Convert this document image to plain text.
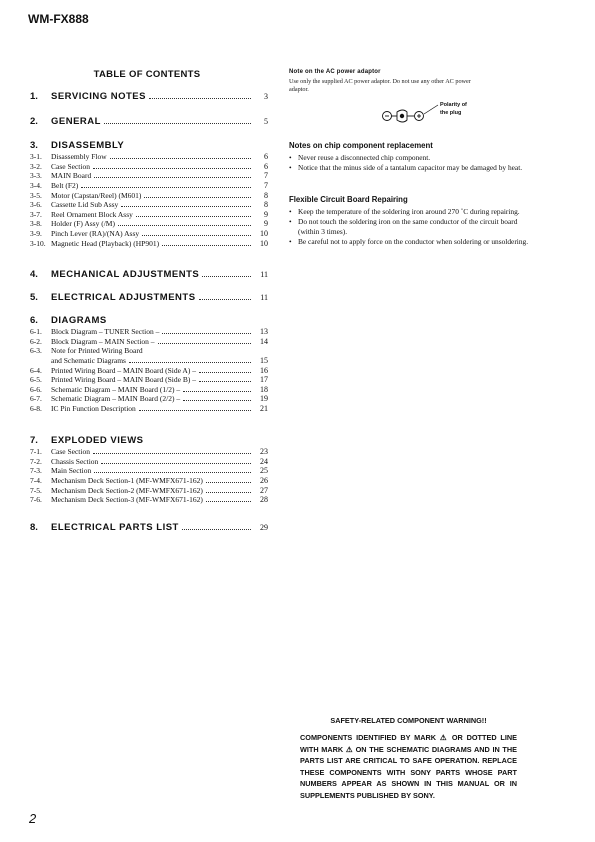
WM-FX888
TABLE OF CONTENTS
1.	SERVICING NOTES	3
2.	GENERAL	5
3.	DISASSEMBLY
3-1.	Disassembly Flow	6
3-2.	Case Section	6
3-3.	MAIN Board	7
3-4.	Belt (F2)	7
3-5.	Motor (Capstan/Reel) (M601)	8
3-6.	Cassette Lid Sub Assy	8
3-7.	Reel Ornament Block Assy	9
3-8.	Holder (F) Assy (/M)	9
3-9.	Pinch Lever (RA)/(NA) Assy	10
3-10. Magnetic Head (Playback) (HP901)	10
4.	MECHANICAL ADJUSTMENTS	11
5.	ELECTRICAL ADJUSTMENTS	11
6.	DIAGRAMS
6-1.	Block Diagram – TUNER Section –	13
6-2.	Block Diagram – MAIN Section –	14
6-3.	Note for Printed Wiring Board
and Schematic Diagrams	15
6-4.	Printed Wiring Board – MAIN Board (Side A) –	16
6-5.	Printed Wiring Board – MAIN Board (Side B) –	17
6-6.	Schematic Diagram – MAIN Board (1/2) –	18
6-7.	Schematic Diagram – MAIN Board (2/2) –	19
6-8.	IC Pin Function Description	21
7.	EXPLODED VIEWS
7-1.	Case Section	23
7-2.	Chassis Section	24
7-3.	Main Section	25
7-4.	Mechanism Deck Section-1 (MF-WMFX671-162)	26
7-5.	Mechanism Deck Section-2 (MF-WMFX671-162)	27
7-6.	Mechanism Deck Section-3 (MF-WMFX671-162)	28
8.	ELECTRICAL PARTS LIST	29
Note on the AC power adaptor
Use only the supplied AC power adaptor. Do not use any other AC power adaptor.
Polarity of
the plug
Notes on chip component replacement
• Never reuse a disconnected chip component.
• Notice that the minus side of a tantalum capacitor may be damaged by heat.
Flexible Circuit Board Repairing
• Keep the temperature of the soldering iron around 270 ˚C during repairing.
• Do not touch the soldering iron on the same conductor of the circuit board (within 3 times).
• Be careful not to apply force on the conductor when soldering or unsoldering.
SAFETY-RELATED COMPONENT WARNING!!
COMPONENTS IDENTIFIED BY MARK ⚠ OR DOTTED LINE WITH MARK ⚠ ON THE SCHEMATIC DIAGRAMS AND IN THE PARTS LIST ARE CRITICAL TO SAFE OPERATION. REPLACE THESE COMPONENTS WITH SONY PARTS WHOSE PART NUMBERS APPEAR AS SHOWN IN THIS MANUAL OR IN SUPPLEMENTS PUBLISHED BY SONY.
2
